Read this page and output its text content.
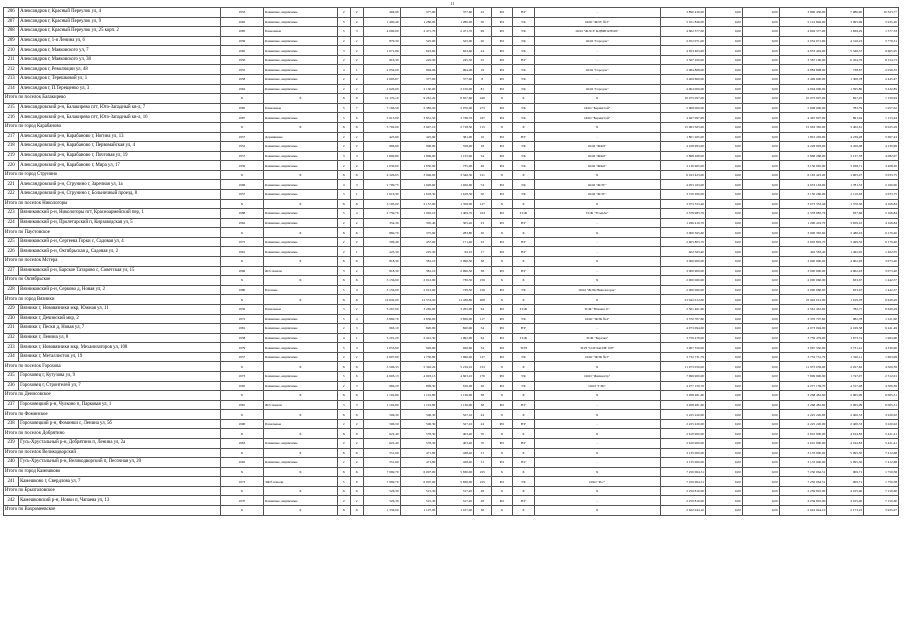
11
206	Александров г, Красный Переулок ул, 4	1955	Каменные, кирпичные	2	2	404,90	377,60	377,60	22	РО	НУ	-	3 890 430,00	0,00	0,00	3 890 430,00	7 986,90	10 323,77
207	Александров г, Красный Переулок ул, 9	1962	Каменные, кирпичные	3	2	1 400,40	1 280,00	1 280,00	50	РО	УК	ООО "ЖЭУ №3"	5 101 846,00	0,00	0,00	5 101 846,00	3 995,99	5 935,20
208	Александров г, Красный Переулок ул, 25 корп. 2	1985	Панельные	5	3	4 090,00	2 471,70	2 471,70	99	РО	УК	ООО "ЖЭСУ КДВИГАТЕЛЬ"	4 602 377,00	0,00	0,00	4 602 377,00	1 839,29	1 577,33
209	Александров г, 1-я Ленина ул, 6	1959	Каменные, кирпичные	2	2	879,30	525,00	525,00	20	РО	УК	ООО "Городок"	2 052 071,00	0,00	0,00	2 052 071,00	4 316,22	5 779,31
210	Александров г, Маяковского ул, 7	1962	Каменные, кирпичные	3	2	1 671,80	623,60	623,60	24	РО	УК	-	4 653 403,00	0,00	0,00	4 653 403,00	5 340,37	9 605,95
211	Александров г, Маяковского ул, 38	1956	Каменные, кирпичные	2	2	816,30	245,30	245,30	25	РО	НУ	-	3 567 100,00	0,00	0,00	3 567 100,00	6 454,76	8 154,73
212	Александров г, Революции ул, 48	1955	Каменные, кирпичные	4	1	2 054,00	994,06	994,06	19	РО	УК	ООО "Городок"	2 084 808,00	0,00	0,00	2 084 808,00	738,67	2 056,35
213	Александров г, Терешковой ул, 1	1958	Каменные, кирпичные	2	2	2 605,67	377,00	377,00	8	РО	УК	-	3 409 600,00	0,00	0,00	3 409 600,00	1 308,78	2 445,47
214	Александров г, П.Терещенко ул, 3	1962	Каменные, кирпичные	2	2	2 620,00	2 150,00	2 150,00	81	РО	УК	ООО "Городок"	4 004 000,00	0,00	0,00	4 004 000,00	1 595,80	5 432,85
Итого по поселок Балакирево		X	X	X	X	12 179,10	9 261,20	8 657,60	420	X	X	X	10 075 097,00	0,00	0,00	10 075 097,00	827,25	1 159,94
215	Александровский р-н, Балакирево пгт, Юго-Западный кв-л, 7	1985	Панельные	5	7	7 166,50	5 385,20	5 070,00	273	РО	УК	ООО "Берингтой"	5 608 000,00	0,00	0,00	5 608 000,00	783,79	1 057,02
216	Александровский р-н, Балакирево пгт, Юго-Западный кв-л, 16	1987	Каменные, кирпичные	5	6	5 013,00	3 831,50	3 738,70	167	РО	УК	ООО "Берингтой"	4 467 097,00	0,00	0,00	4 467 097,00	891,04	1 153,44
Итого по город Карабаново		X	X	X	X	5 792,00	3 947,10	2 718,30	115	X	X	X	15 063 365,00	0,00	0,00	15 063 365,00	3 402,61	6 025,29
217	Александровский р-н, Карабаново г, Ногина ул, 13	1957	Деревянные	2	2	425,90	425,90	381,90	10	РО	НУ	-	1 801 265,00	0,00	0,00	1 801 265,00	4 239,28	5 697,43
218	Александровский р-н, Карабаново г, Первомайская ул, 4	1952	Каменные, кирпичные	2	2	996,90	996,90	558,00	18	РО	УК	ООО "ЖКО"	4 228 993,00	0,00	0,00	4 228 993,00	4 456,08	4 230,99
219	Александровский р-н, Карабаново г, Почтовая ул, 19	1957	Каменные, кирпичные	3	3	1 890,80	1 896,00	1 155,90	54	РО	УК	ООО "ЖКО"	5 868 268,00	0,00	0,00	5 868 268,00	3 137,78	4 082,97
220	Александровский р-н, Карабаново г, Мира ул, 17	1959	Каменные, кирпичные	2	2	1 030,00	1 030,00	735,00	48	РО	УК	ООО "ЖКО"	3 130 965,00	0,00	0,00	3 130 965,00	3 038,71	3 408,20
Итого по город Струнино		X	X	X	X	4 326,05	3 946,00	3 346,30	121	X	X	X	6 163 423,00	0,00	0,00	6 163 423,00	1 905,47	3 033,75
221	Александровский р-н, Струнино г, Заречная ул, 1а	1966	Каменные, кирпичные	4	3	2 709,75	1 926,60	1 926,60	74	РО	УК	ООО "ЖЭУ"	4 053 163,00	0,00	0,00	4 053 163,00	1 781,33	2 160,90
222	Александровский р-н, Струнино г, Больничный проезд, 8	1957	Каменные, кирпичные	3	1	1 616,30	1 618,30	1 618,30	50	РО	УК	ООО "ЖЭУ"	3 150 260,00	0,00	0,00	3 150 260,00	2 110,63	3 033,75
Итого по поселок Никологоры		X	X	X	X	3 195,00	2 157,00	1 358,00	127	X	X	X	3 073 353,46	0,00	0,00	3 073 353,46	1 576,36	4 106,84
223	Вязниковский р-н, Никологоры пгт, Красноармейский пер, 1	1988	Каменные, кирпичные	5	4	2 759,76	1 902,10	1 409,70	104	РО	ТСЖ	ТСЖ "Усадьба"	2 378 983,76	0,00	0,00	2 378 983,76	937,66	2 106,84
224	Вязниковский р-н, Пролетарский п, Кирзаводская ул, 5	1962	Каменные, кирпичные	2	2	354,30	305,40	305,40	23	РО	НУ	-	1 296 419,70	0,00	0,00	1 296 419,70	3 659,10	4 106,84
Итого по Паустовское		X	X	X	X	860,70	375,90	283,80	30	X	X	X	3 000 365,60	0,00	0,00	3 000 365,60	3 486,43	6 179,40
225	Вязниковский р-н, Сергеева Горки с, Садовая ул, 4	1975	Каменные, кирпичные	2	2	596,40	457,00	171,40	22	РО	НУ	-	2 605 803,70	0,00	0,00	2 605 803,70	3 499,32	6 179,40
226	Вязниковский р-н, Октябрьская д, Садовая ул, 2	1961	Каменные, кирпичные	2	1	225,30	225,30	92,10	17	РО	НУ	-	402 563,40	0,00	0,00	402 563,40	1 462,05	1 462,05
Итого по поселок Мстера		X	X	X	X	818,30	381,10	2 090,30	38	X	X	X	3 000 900,00	0,00	0,00	3 000 900,00	4 902,93	3 073,40
227	Вязниковский р-н, Барское Татарово с, Советская ул, 15	1969	Ж/б панели	3	2	818,30	381,10	2 090,30	38	РО	НУ	-	3 000 900,00	0,00	0,00	3 000 900,00	4 902,93	3 073,40
Итого по Октябрьское		X	X	X	X	3 156,00	2 012,00	739,50	156	X	X	X	2 000 060,00	0,00	0,00	2 000 060,00	633,67	1 442,57
228	Вязниковский р-н, Серково д, Новая ул, 2	1980	Блочные	5	4	3 156,00	2 012,00	739,50	156	РО	УК	ООО "ЖЭК Никологоры"	2 000 060,00	0,00	0,00	2 000 060,00	633,67	1 442,57
Итого по город Вязники		X	X	X	X	16 042,00	12 574,20	11 436,80	408	X	X	X	23 942 012,00	0,00	0,00	23 942 012,00	1 619,78	6 629,29
229	Вязники г, Нововязники мкр, Южная ул, 11	1959	Панельные	3	2	3 267,00	3 265,00	3 265,00	64	РО	ТСЖ	ТСЖ "Южная 11"	2 561 461,60	0,00	0,00	2 561 461,60	782,77	6 629,29
230	Вязники г, Дечинский мкр, 2	1972	Каменные, кирпичные	5	4	3 860,70	3 836,00	3 836,00	117	РО	УК	ООО "ЖЭК №4"	3 370 707,60	0,00	0,00	3 370 707,60	982,78	1 221,60
231	Вязники г, Пески д, Новая ул, 7	1981	Каменные, кирпичные	2	3	963,10	820,90	820,90	34	РО	НУ	-	4 073 094,00	0,00	0,00	4 073 094,00	4 169,58	6 241,49
232	Вязники г, Ленина ул, 8	1958	Каменные, кирпичные	4	1	3 201,20	2 412,30	1 992,00	64	РО	ТСЖ	ТСЖ "Березка"	3 759 479,00	0,00	0,00	3 759 479,00	1 673,72	1 963,66
233	Вязники г, Нововязники мкр, Механизаторов ул, 108	1979	Каменные, кирпичные	5	3	1 053,60	926,60	926,60	34	РО	ТСН	ТСН "СОГЛАСИЕ 108"	3 067 350,00	0,00	0,00	3 067 350,00	3 731,41	4 330,00
234	Вязники г, Металлистов ул, 19	1957	Каменные, кирпичные	2	2	2 607,60	1 730,80	1 696,40	127	РО	УК	ООО "ЖЭК №3"	3 732 731,79	0,00	0,00	3 732 731,79	1 320,11	1 603,99
Итого по поселок Горохова		X	X	X	X	5 596,33	5 302,20	5 219,10	153	X	X	X	11 973 059,00	0,00	0,00	11 973 059,00	2 227,62	4 509,39
235	Гороховец г, Кутузова ул, 9	1973	Каменные, кирпичные	5	6	4 603,13	4 603,13	4 603,10	176	РО	УК	ООО "Жилцентр"	7 699 900,00	0,00	0,00	7 699 900,00	1 747,07	2 312,01
236	Гороховец г, Строителей ул, 7	1965	Каменные, кирпичные	2	3	966,20	899,30	616,00	36	РО	УК	ООО "ГЭК"	4 277 159,70	0,00	0,00	4 277 159,70	4 317,48	4 509,39
Итого по Денисовское		X	X	X	X	1 102,80	1 101,80	1 136,90	38	X	X	X	3 268 481,60	0,00	0,00	3 268 481,60	2 965,99	6 005,31
237	Гороховецкий р-н, Чулково п, Парковая ул, 1	1981	Ж/б панели	3	3	1 102,80	1 101,80	1 136,90	38	РО	НУ	-	3 268 481,60	0,00	0,00	3 268 481,60	2 965,99	6 005,31
Итого по Фоминское		X	X	X	X	506,30	506,30	527,10	24	X	X	X	2 225 220,00	0,00	0,00	2 225 220,00	2 400,33	3 220,02
238	Гороховецкий р-н, Фоминки с, Ленина ул, 5б	1990	Панельные	2	2	506,30	506,30	527,10	24	РО	НУ	-	2 225 220,00	0,00	0,00	2 225 220,00	2 400,33	3 220,02
Итого по поселок Добрятино		X	X	X	X	622,40	576,30	403,40	70	X	X	X	2 610 900,00	0,00	0,00	2 610 900,00	4 194,83	5 421,41
239	Гусь-Хрустальный р-н, Добрятино п, Ленина ул, 2а	1963	Каменные, кирпичные	2	2	622,40	576,30	403,40	70	РО	НУ	-	2 610 900,00	0,00	0,00	2 610 900,00	4 194,83	5 421,41
Итого по поселок Великодворский		X	X	X	X	551,90	471,80	438,40	31	X	X	X	3 135 000,00	0,00	0,00	3 135 000,00	5 095,30	7 412,68
240	Гусь-Хрустальный р-н, Великодворский п, Песочная ул, 20	1962	Каменные, кирпичные	2	2	551,90	471,80	438,40	31	РО	НУ	-	3 135 000,00	0,00	0,00	3 135 000,00	5 095,30	7 412,68
Итого по город Камешково		X	X	X	X	7 969,70	6 007,00	5 836,00	225	X	X	X	7 250 064,51	0,00	0,00	7 250 064,51	909,71	1 750,58
241	Камешково г, Свердлова ул, 7	1973	ЗЖ/б панели	5	6	7 969,70	6 007,00	5 836,00	225	РО	УК	ООО "Рос"	7 250 064,51	0,00	0,00	7 250 064,51	909,71	1 750,58
Итого по Брызгаловское		X	X	X	X	526,30	515,30	517,20	28	X	X	X	2 259 810,00	0,00	0,00	2 259 810,00	4 105,00	7 150,60
242	Камешковский р-н, Новки п, Чапаева ул, 13	1970	Каменные, кирпичные	2	2	526,30	515,30	517,20	28	РО	НУ	-	2 259 810,00	0,00	0,00	2 259 810,00	4 105,00	7 150,60
Итого по Вахромеевское		X	X	X	X	1 336,00	1 107,00	1 107,00	38	X	X	X	2 622 944,10	0,00	0,00	2 622 944,10	2 173,22	3 925,07
